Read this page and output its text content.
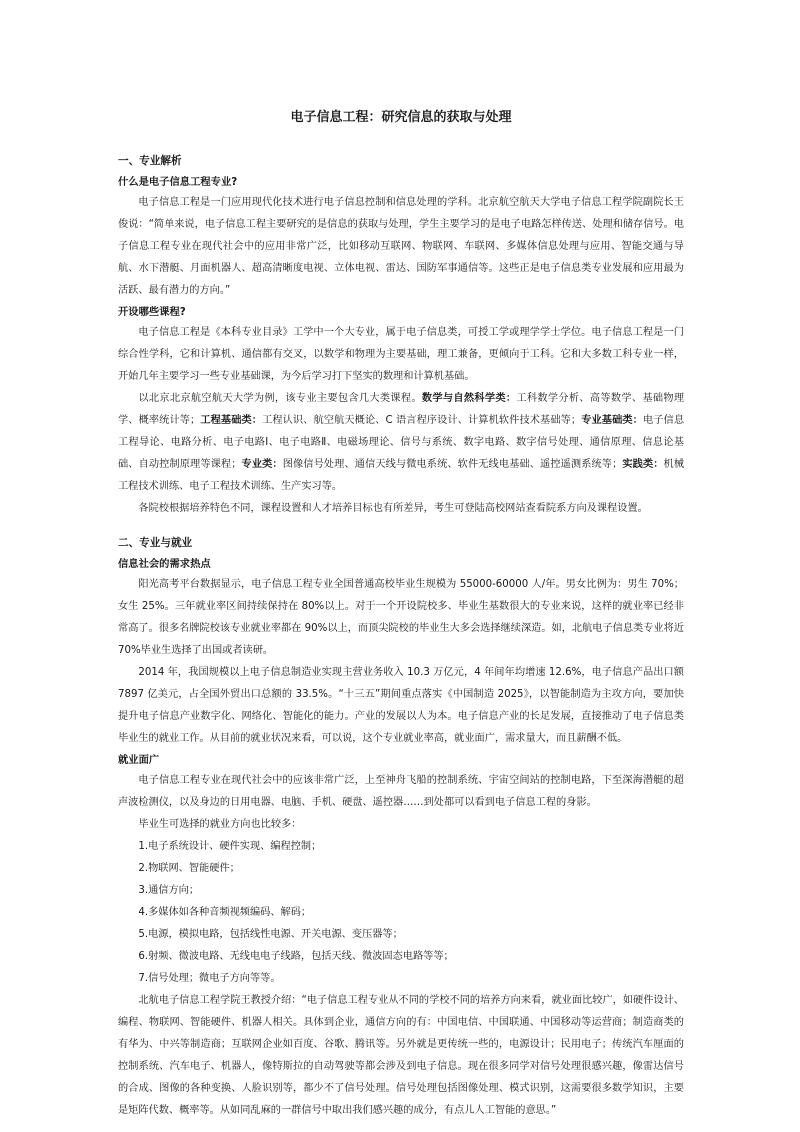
电子信息工程：研究信息的获取与处理
一、专业解析
什么是电子信息工程专业?

电子信息工程是一门应用现代化技术进行电子信息控制和信息处理的学科。北京航空航天大学电子信息工程学院副院长王俊说：“简单来说，电子信息工程主要研究的是信息的获取与处理，学生主要学习的是电子电路怎样传送、处理和储存信号。电子信息工程专业在现代社会中的应用非常广泛，比如移动互联网、物联网、车联网、多媒体信息处理与应用、智能交通与导航、水下潜艇、月面机器人、超高清晰度电视、立体电视、雷达、国防军事通信等。这些正是电子信息类专业发展和应用最为活跃、最有潜力的方向。”

开设哪些课程?

电子信息工程是《本科专业目录》工学中一个大专业，属于电子信息类，可授工学或理学学士学位。电子信息工程是一门综合性学科，它和计算机、通信都有交叉，以数学和物理为主要基础，理工兼备，更倾向于工科。它和大多数工科专业一样，开始几年主要学习一些专业基础课，为今后学习打下坚实的数理和计算机基础。

以北京北京航空航天大学为例，该专业主要包含几大类课程。数学与自然科学类：工科数学分析、高等数学、基础物理学、概率统计等；工程基础类：工程认识、航空航天概论、C 语言程序设计、计算机软件技术基础等；专业基础类：电子信息工程导论、电路分析、电子电路Ⅰ、电子电路Ⅱ、电磁场理论、信号与系统、数字电路、数字信号处理、通信原理、信息论基础、自动控制原理等课程；专业类：图像信号处理、通信天线与微电系统、软件无线电基础、遥控遥测系统等；实践类：机械工程技术训练、电子工程技术训练、生产实习等。

各院校根据培养特色不同，课程设置和人才培养目标也有所差异，考生可登陆高校网站查看院系方向及课程设置。

二、专业与就业
信息社会的需求热点

阳光高考平台数据显示，电子信息工程专业全国普通高校毕业生规模为 55000-60000 人/年。男女比例为：男生 70%；女生 25%。三年就业率区间持续保持在 80%以上。对于一个开设院校多、毕业生基数很大的专业来说，这样的就业率已经非常高了。很多名牌院校该专业就业率都在 90%以上，而顶尖院校的毕业生大多会选择继续深造。如，北航电子信息类专业将近 70%毕业生选择了出国或者读研。

2014 年，我国规模以上电子信息制造业实现主营业务收入 10.3 万亿元，4 年间年均增速 12.6%，电子信息产品出口额 7897 亿美元，占全国外贸出口总额的 33.5%。“十三五”期间重点落实《中国制造 2025》，以智能制造为主攻方向，要加快提升电子信息产业数字化、网络化、智能化的能力。产业的发展以人为本。电子信息产业的长足发展，直接推动了电子信息类毕业生的就业工作。从目前的就业状况来看，可以说，这个专业就业率高，就业面广，需求量大，而且薪酬不低。

就业面广

电子信息工程专业在现代社会中的应该非常广泛，上至神舟飞船的控制系统、宇宙空间站的控制电路，下至深海潜艇的超声波检测仪，以及身边的日用电器、电脑、手机、硬盘、遥控器……到处都可以看到电子信息工程的身影。

毕业生可选择的就业方向也比较多：

1.电子系统设计、硬件实现、编程控制；

2.物联网、智能硬件；

3.通信方向；

4.多媒体如各种音频视频编码、解码；

5.电源，模拟电路，包括线性电源、开关电源、变压器等；

6.射频、微波电路、无线电电子线路，包括天线、微波固态电路等等；

7.信号处理；微电子方向等等。

北航电子信息工程学院王教授介绍：“电子信息工程专业从不同的学校不同的培养方向来看，就业面比较广，如硬件设计、编程、物联网、智能硬件、机器人相关。具体到企业，通信方向的有：中国电信、中国联通、中国移动等运营商；制造商类的有华为、中兴等制造商；互联网企业如百度、谷歌、腾讯等。另外就是更传统一些的，电源设计；民用电子；传统汽车厘面的控制系统、汽车电子、机器人，像特斯拉的自动驾驶等都会涉及到电子信息。现在很多同学对信号处理很感兴趣，像雷达信号的合成、图像的各种变换、人脸识别等，都少不了信号处理。信号处理包括图像处理、模式识别，这需要很多数学知识，主要是矩阵代数、概率等。从如同乱麻的一群信号中取出我们感兴趣的成分，有点儿人工智能的意思。”
